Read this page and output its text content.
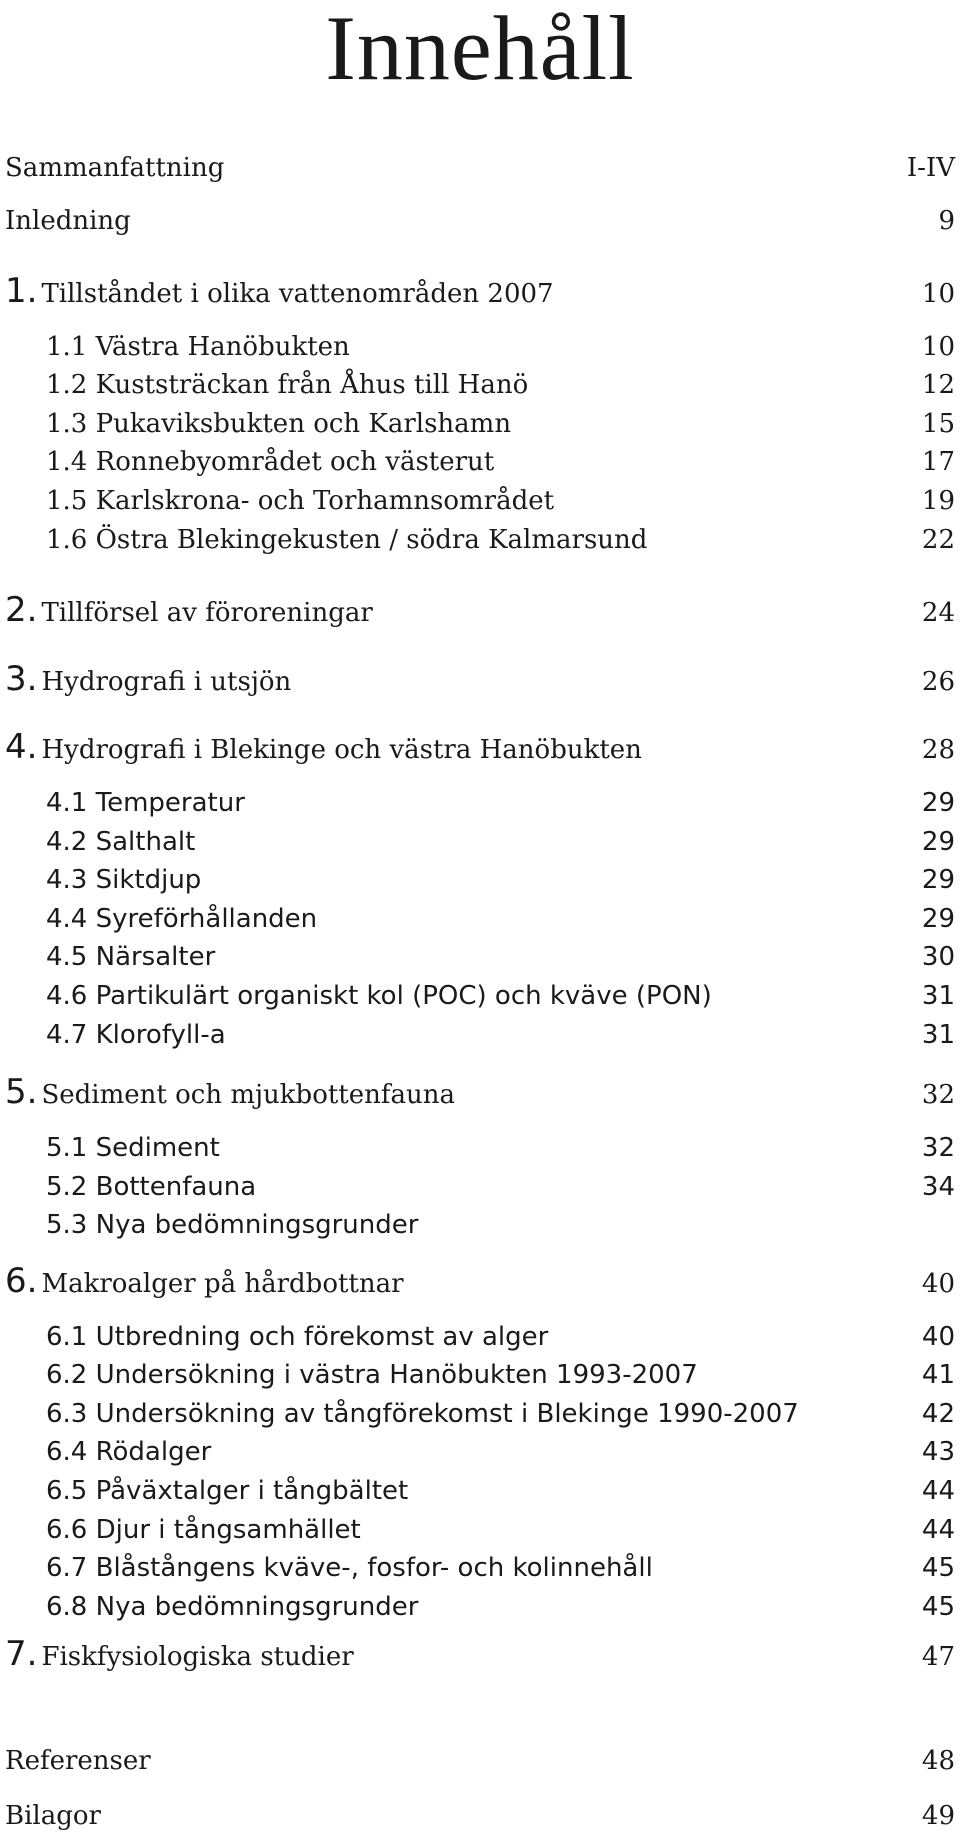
Innehåll
Sammanfattning	I-IV
Inledning	9
1. Tillståndet i olika vattenområden 2007	10
1.1 Västra Hanöbukten	10
1.2 Kuststräckan från Åhus till Hanö	12
1.3 Pukaviksbukten och Karlshamn	15
1.4 Ronnebyområdet och västerut	17
1.5 Karlskrona- och Torhamnsområdet	19
1.6 Östra Blekingekusten / södra Kalmarsund	22
2. Tillförsel av föroreningar	24
3. Hydrografi i utsjön	26
4. Hydrografi i Blekinge och västra Hanöbukten	28
4.1 Temperatur	29
4.2 Salthalt	29
4.3 Siktdjup	29
4.4 Syreförhållanden	29
4.5 Närsalter	30
4.6 Partikulärt organiskt kol (POC) och kväve (PON)	31
4.7 Klorofyll-a	31
5. Sediment och mjukbottenfauna	32
5.1 Sediment	32
5.2 Bottenfauna	34
5.3 Nya bedömningsgrunder
6. Makroalger på hårdbottnar	40
6.1 Utbredning och förekomst av alger	40
6.2 Undersökning i västra Hanöbukten 1993-2007	41
6.3 Undersökning av tångförekomst i Blekinge 1990-2007	42
6.4 Rödalger	43
6.5 Påväxtalger i tångbältet	44
6.6 Djur i tångsamhället	44
6.7 Blåstångens kväve-, fosfor- och kolinnehåll	45
6.8 Nya bedömningsgrunder	45
7. Fiskfysiologiska studier	47
Referenser	48
Bilagor	49
